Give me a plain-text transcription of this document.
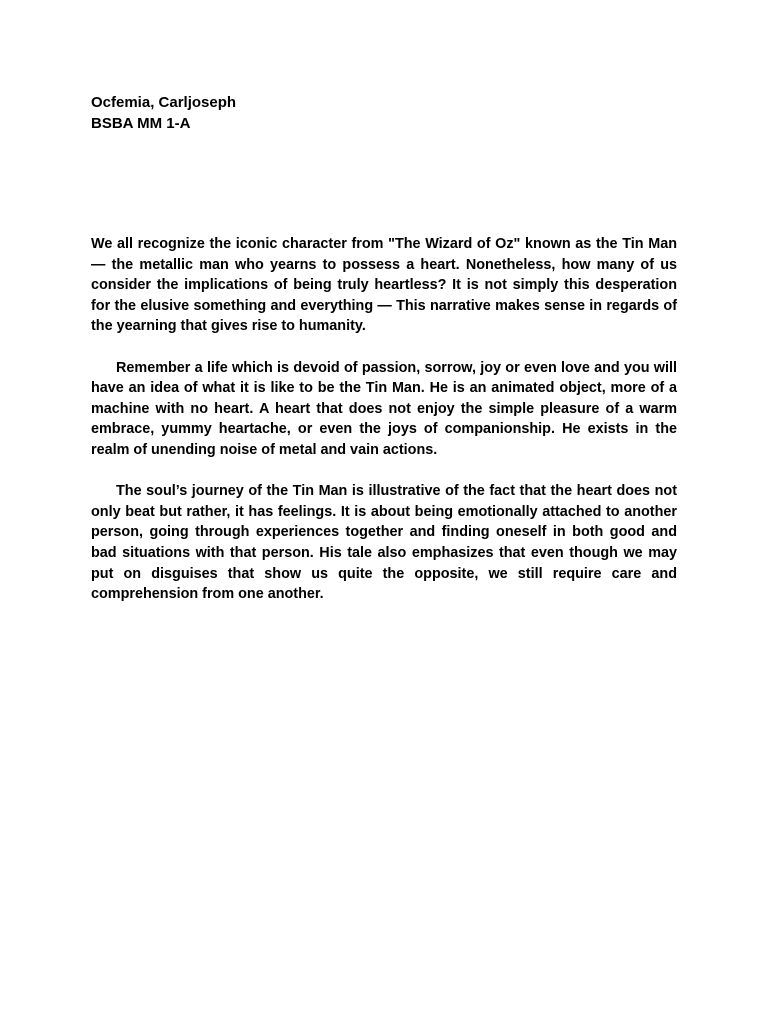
Ocfemia, Carljoseph
BSBA MM 1-A

We all recognize the iconic character from "The Wizard of Oz" known as the Tin Man — the metallic man who yearns to possess a heart. Nonetheless, how many of us consider the implications of being truly heartless? It is not simply this desperation for the elusive something and everything — This narrative makes sense in regards of the yearning that gives rise to humanity.

Remember a life which is devoid of passion, sorrow, joy or even love and you will have an idea of what it is like to be the Tin Man. He is an animated object, more of a machine with no heart. A heart that does not enjoy the simple pleasure of a warm embrace, yummy heartache, or even the joys of companionship. He exists in the realm of unending noise of metal and vain actions.

The soul’s journey of the Tin Man is illustrative of the fact that the heart does not only beat but rather, it has feelings. It is about being emotionally attached to another person, going through experiences together and finding oneself in both good and bad situations with that person. His tale also emphasizes that even though we may put on disguises that show us quite the opposite, we still require care and comprehension from one another.
